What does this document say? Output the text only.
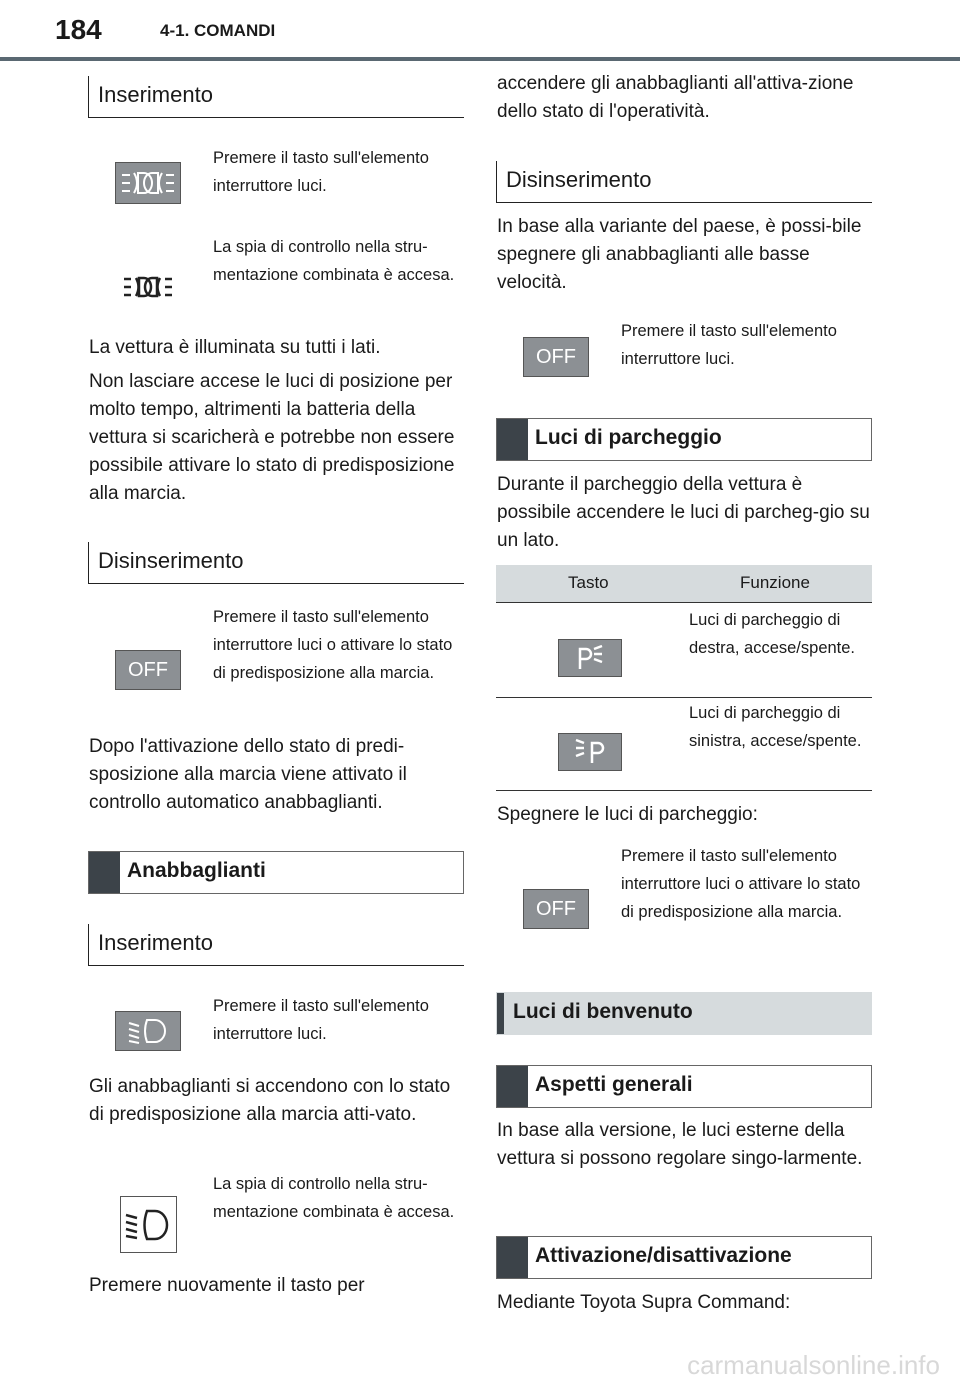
184	4-1. COMANDI
Inserimento
Premere il tasto sull'elemento interruttore luci.
La spia di controllo nella stru-mentazione combinata è accesa.
La vettura è illuminata su tutti i lati.
Non lasciare accese le luci di posizione per molto tempo, altrimenti la batteria della vettura si scaricherà e potrebbe non essere possibile attivare lo stato di predisposizione alla marcia.
Disinserimento
OFF
Premere il tasto sull'elemento interruttore luci o attivare lo stato di predisposizione alla marcia.
Dopo l'attivazione dello stato di predi-sposizione alla marcia viene attivato il controllo automatico anabbaglianti.
Anabbaglianti
Inserimento
Premere il tasto sull'elemento interruttore luci.
Gli anabbaglianti si accendono con lo stato di predisposizione alla marcia atti-vato.
La spia di controllo nella stru-mentazione combinata è accesa.
Premere nuovamente il tasto per
accendere gli anabbaglianti all'attiva-zione dello stato di l'operatività.
Disinserimento
In base alla variante del paese, è possi-bile spegnere gli anabbaglianti alle basse velocità.
OFF
Premere il tasto sull'elemento interruttore luci.
Luci di parcheggio
Durante il parcheggio della vettura è possibile accendere le luci di parcheg-gio su un lato.
Tasto	Funzione
Luci di parcheggio di destra, accese/spente.
Luci di parcheggio di sinistra, accese/spente.
Spegnere le luci di parcheggio:
OFF
Premere il tasto sull'elemento interruttore luci o attivare lo stato di predisposizione alla marcia.
Luci di benvenuto
Aspetti generali
In base alla versione, le luci esterne della vettura si possono regolare singo-larmente.
Attivazione/disattivazione
Mediante Toyota Supra Command:
carmanualsonline.info
